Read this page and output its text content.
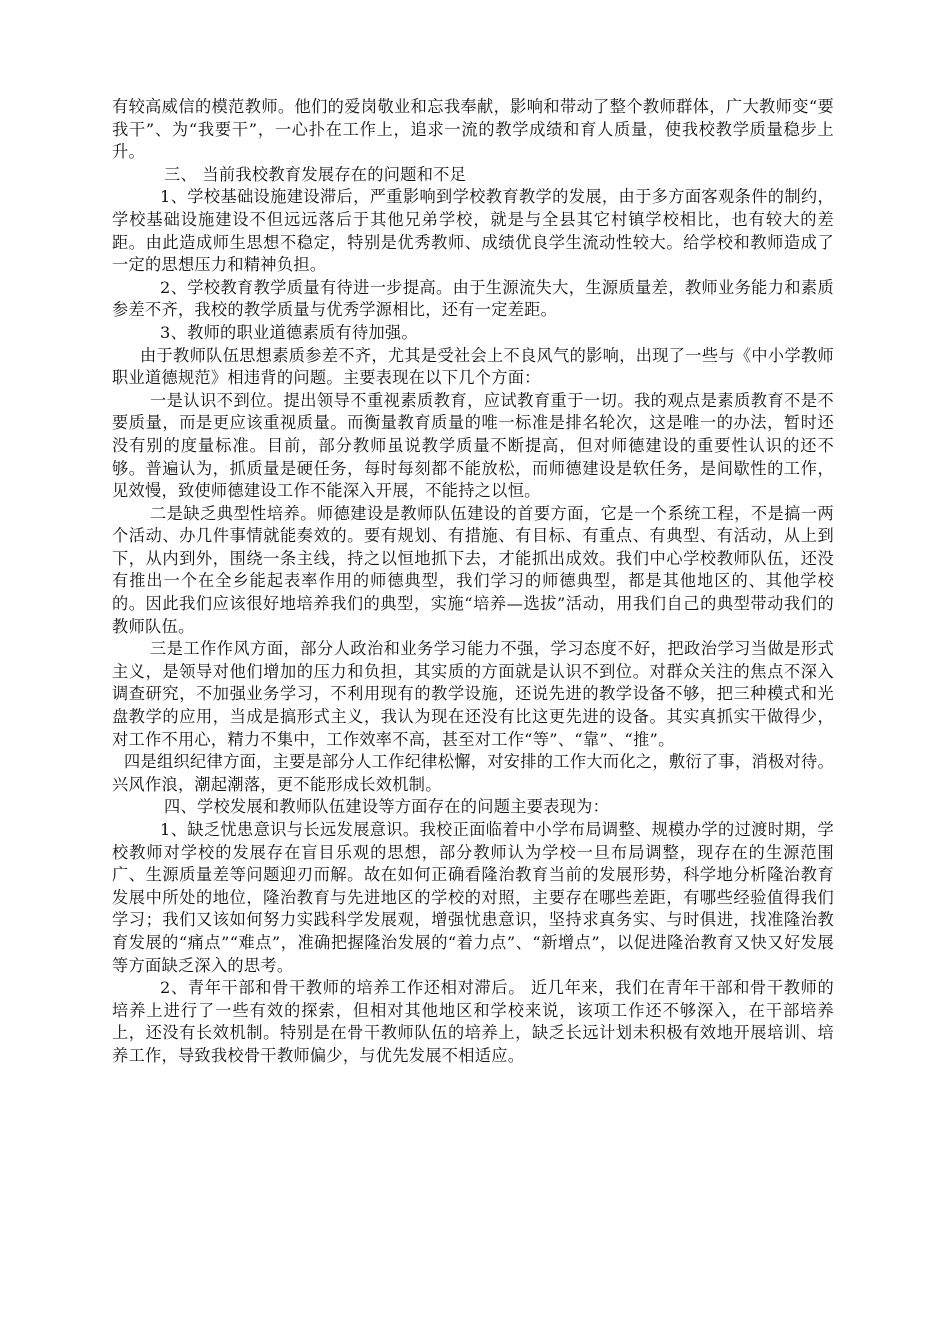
有较高威信的模范教师。他们的爱岗敬业和忘我奉献，影响和带动了整个教师群体，广大教师变“要我干”、为“我要干”，一心扑在工作上，追求一流的教学成绩和育人质量，使我校教学质量稳步上升。

三、 当前我校教育发展存在的问题和不足

1、学校基础设施建设滞后，严重影响到学校教育教学的发展，由于多方面客观条件的制约，学校基础设施建设不但远远落后于其他兄弟学校，就是与全县其它村镇学校相比，也有较大的差距。由此造成师生思想不稳定，特别是优秀教师、成绩优良学生流动性较大。给学校和教师造成了一定的思想压力和精神负担。

2、学校教育教学质量有待进一步提高。由于生源流失大，生源质量差，教师业务能力和素质参差不齐，我校的教学质量与优秀学源相比，还有一定差距。

3、教师的职业道德素质有待加强。

由于教师队伍思想素质参差不齐，尤其是受社会上不良风气的影响，出现了一些与《中小学教师职业道德规范》相违背的问题。主要表现在以下几个方面：

一是认识不到位。提出领导不重视素质教育，应试教育重于一切。我的观点是素质教育不是不要质量，而是更应该重视质量。而衡量教育质量的唯一标准是排名轮次，这是唯一的办法，暂时还没有别的度量标准。目前，部分教师虽说教学质量不断提高，但对师德建设的重要性认识的还不够。普遍认为，抓质量是硬任务，每时每刻都不能放松，而师德建设是软任务，是间歇性的工作，见效慢，致使师德建设工作不能深入开展，不能持之以恒。

二是缺乏典型性培养。师德建设是教师队伍建设的首要方面，它是一个系统工程，不是搞一两个活动、办几件事情就能奏效的。要有规划、有措施、有目标、有重点、有典型、有活动，从上到下，从内到外，围绕一条主线，持之以恒地抓下去，才能抓出成效。我们中心学校教师队伍，还没有推出一个在全乡能起表率作用的师德典型，我们学习的师德典型，都是其他地区的、其他学校的。因此我们应该很好地培养我们的典型，实施“培养—选拔”活动，用我们自己的典型带动我们的教师队伍。

三是工作作风方面，部分人政治和业务学习能力不强，学习态度不好，把政治学习当做是形式主义，是领导对他们增加的压力和负担，其实质的方面就是认识不到位。对群众关注的焦点不深入调查研究，不加强业务学习，不利用现有的教学设施，还说先进的教学设备不够，把三种模式和光盘教学的应用，当成是搞形式主义，我认为现在还没有比这更先进的设备。其实真抓实干做得少，对工作不用心，精力不集中，工作效率不高，甚至对工作“等”、“靠”、“推”。

四是组织纪律方面，主要是部分人工作纪律松懈，对安排的工作大而化之，敷衍了事，消极对待。兴风作浪，潮起潮落，更不能形成长效机制。

四、学校发展和教师队伍建设等方面存在的问题主要表现为：

1、缺乏忧患意识与长远发展意识。我校正面临着中小学布局调整、规模办学的过渡时期，学校教师对学校的发展存在盲目乐观的思想，部分教师认为学校一旦布局调整，现存在的生源范围广、生源质量差等问题迎刃而解。故在如何正确看隆治教育当前的发展形势，科学地分析隆治教育发展中所处的地位，隆治教育与先进地区的学校的对照，主要存在哪些差距，有哪些经验值得我们学习；我们又该如何努力实践科学发展观，增强忧患意识，坚持求真务实、与时俱进，找准隆治教育发展的“痛点”“难点”，准确把握隆治发展的“着力点”、“新增点”，以促进隆治教育又快又好发展等方面缺乏深入的思考。

2、青年干部和骨干教师的培养工作还相对滞后。 近几年来，我们在青年干部和骨干教师的培养上进行了一些有效的探索，但相对其他地区和学校来说，该项工作还不够深入，在干部培养上，还没有长效机制。特别是在骨干教师队伍的培养上，缺乏长远计划未积极有效地开展培训、培养工作，导致我校骨干教师偏少，与优先发展不相适应。
